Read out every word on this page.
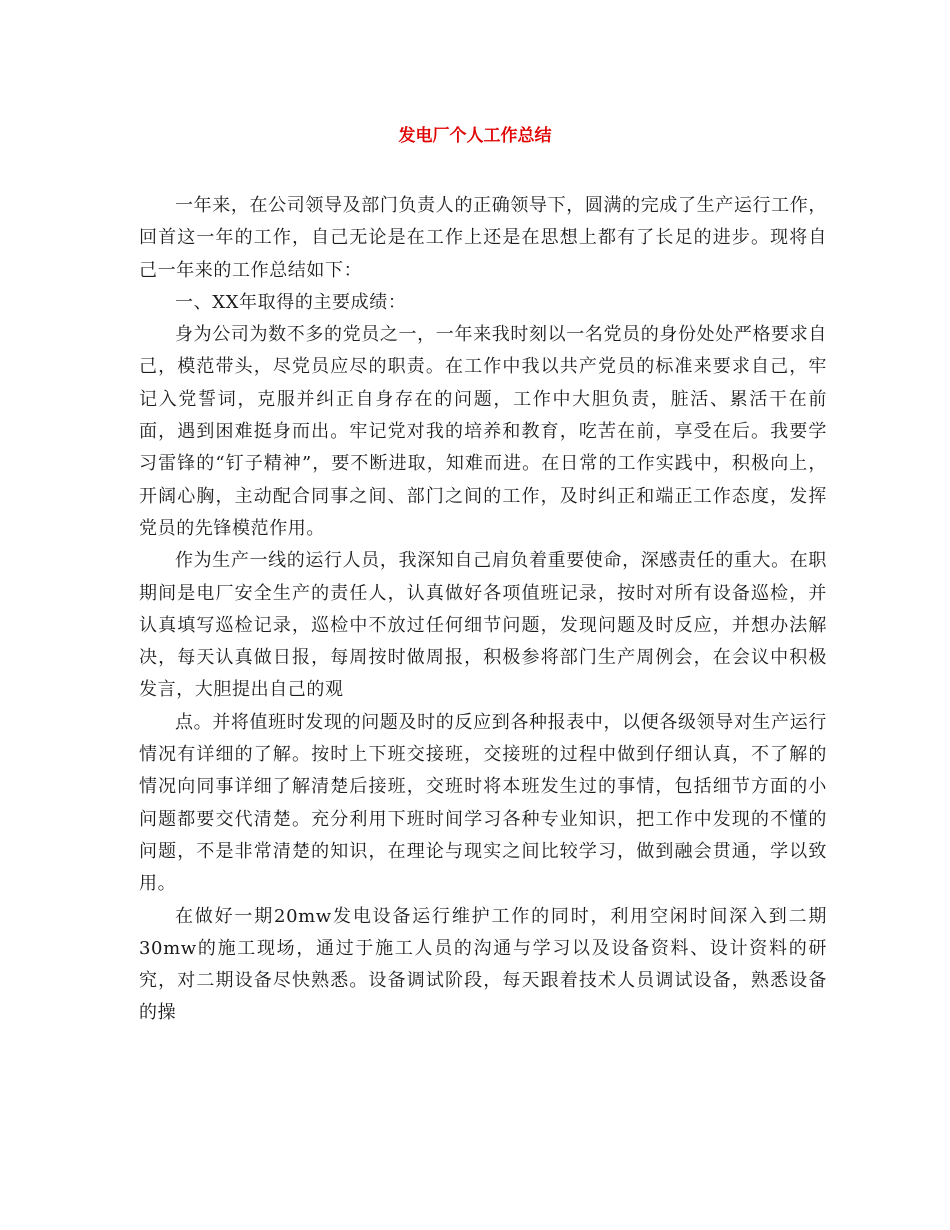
发电厂个人工作总结

一年来，在公司领导及部门负责人的正确领导下，圆满的完成了生产运行工作，回首这一年的工作，自己无论是在工作上还是在思想上都有了长足的进步。现将自己一年来的工作总结如下：

一、XX年取得的主要成绩：

身为公司为数不多的党员之一，一年来我时刻以一名党员的身份处处严格要求自己，模范带头，尽党员应尽的职责。在工作中我以共产党员的标准来要求自己，牢记入党誓词，克服并纠正自身存在的问题，工作中大胆负责，脏活、累活干在前面，遇到困难挺身而出。牢记党对我的培养和教育，吃苦在前，享受在后。我要学习雷锋的“钉子精神”，要不断进取，知难而进。在日常的工作实践中，积极向上，开阔心胸，主动配合同事之间、部门之间的工作，及时纠正和端正工作态度，发挥党员的先锋模范作用。

作为生产一线的运行人员，我深知自己肩负着重要使命，深感责任的重大。在职期间是电厂安全生产的责任人，认真做好各项值班记录，按时对所有设备巡检，并认真填写巡检记录，巡检中不放过任何细节问题，发现问题及时反应，并想办法解决，每天认真做日报，每周按时做周报，积极参将部门生产周例会，在会议中积极发言，大胆提出自己的观

点。并将值班时发现的问题及时的反应到各种报表中，以便各级领导对生产运行情况有详细的了解。按时上下班交接班，交接班的过程中做到仔细认真，不了解的情况向同事详细了解清楚后接班，交班时将本班发生过的事情，包括细节方面的小问题都要交代清楚。充分利用下班时间学习各种专业知识，把工作中发现的不懂的问题，不是非常清楚的知识，在理论与现实之间比较学习，做到融会贯通，学以致用。

在做好一期20mw发电设备运行维护工作的同时，利用空闲时间深入到二期30mw的施工现场，通过于施工人员的沟通与学习以及设备资料、设计资料的研究，对二期设备尽快熟悉。设备调试阶段，每天跟着技术人员调试设备，熟悉设备的操
